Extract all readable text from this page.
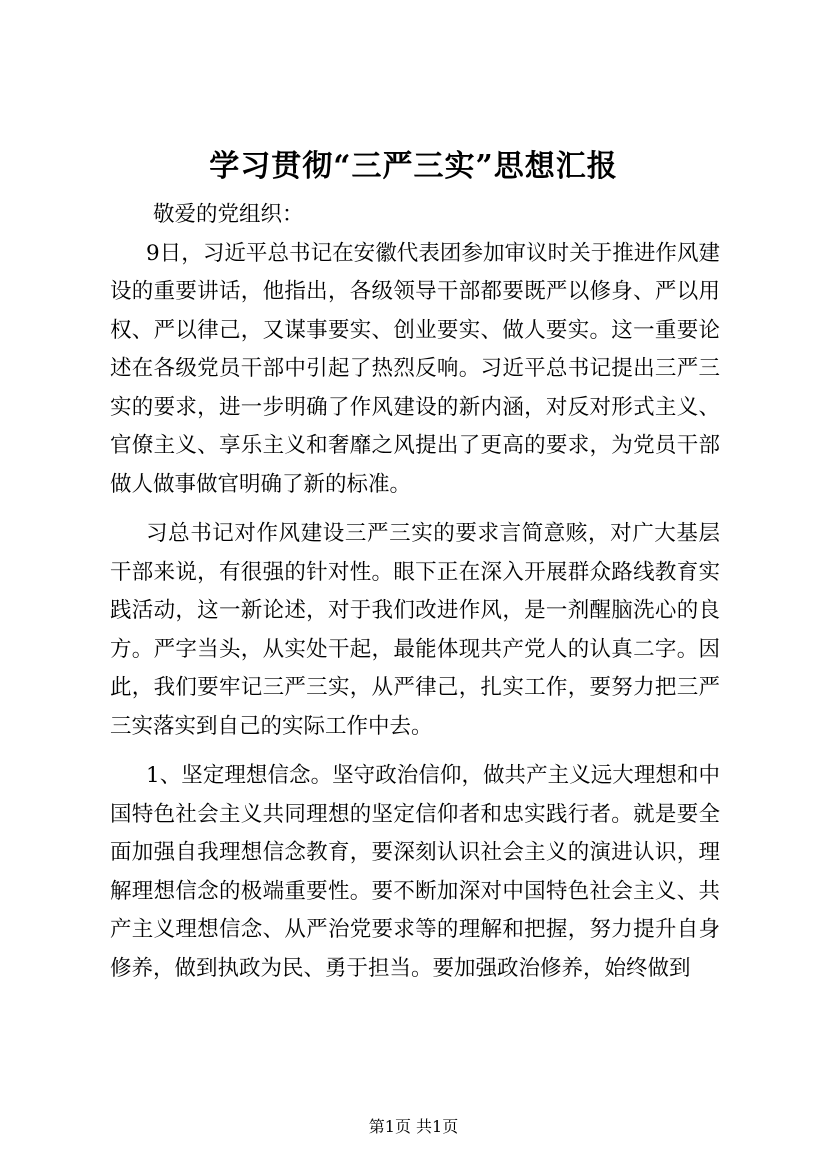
学习贯彻“三严三实”思想汇报

敬爱的党组织：

9日，习近平总书记在安徽代表团参加审议时关于推进作风建设的重要讲话，他指出，各级领导干部都要既严以修身、严以用权、严以律己，又谋事要实、创业要实、做人要实。这一重要论述在各级党员干部中引起了热烈反响。习近平总书记提出三严三实的要求，进一步明确了作风建设的新内涵，对反对形式主义、官僚主义、享乐主义和奢靡之风提出了更高的要求，为党员干部做人做事做官明确了新的标准。

习总书记对作风建设三严三实的要求言简意赅，对广大基层干部来说，有很强的针对性。眼下正在深入开展群众路线教育实践活动，这一新论述，对于我们改进作风，是一剂醒脑洗心的良方。严字当头，从实处干起，最能体现共产党人的认真二字。因此，我们要牢记三严三实，从严律己，扎实工作，要努力把三严三实落实到自己的实际工作中去。

1、坚定理想信念。坚守政治信仰，做共产主义远大理想和中国特色社会主义共同理想的坚定信仰者和忠实践行者。就是要全面加强自我理想信念教育，要深刻认识社会主义的演进认识，理解理想信念的极端重要性。要不断加深对中国特色社会主义、共产主义理想信念、从严治党要求等的理解和把握，努力提升自身修养，做到执政为民、勇于担当。要加强政治修养，始终做到

第1页 共1页
